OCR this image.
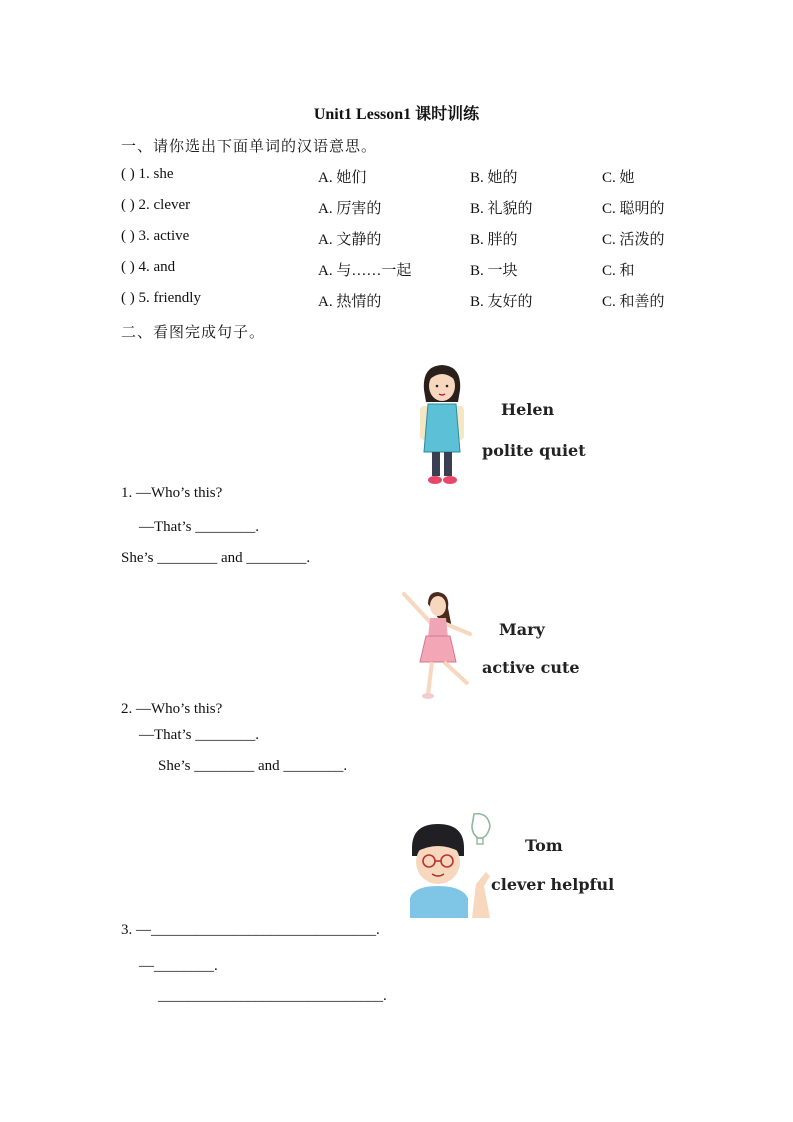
Unit1 Lesson1 课时训练
一、请你选出下面单词的汉语意思。
( ) 1. she	A. 她们	B. 她的	C. 她
( ) 2. clever	A. 厉害的	B. 礼貌的	C. 聪明的
( ) 3. active	A. 文静的	B. 胖的	C. 活泼的
( ) 4. and	A. 与……一起	B. 一块	C. 和
( ) 5. friendly	A. 热情的	B. 友好的	C. 和善的
二、看图完成句子。
Helen
polite quiet
1. —Who’s this?
—That’s ________.
She’s ________ and ________.
Mary
active cute
2. —Who’s this?
—That’s ________.
She’s ________ and ________.
Tom
clever helpful
3. —______________________________.
—________.
______________________________.
